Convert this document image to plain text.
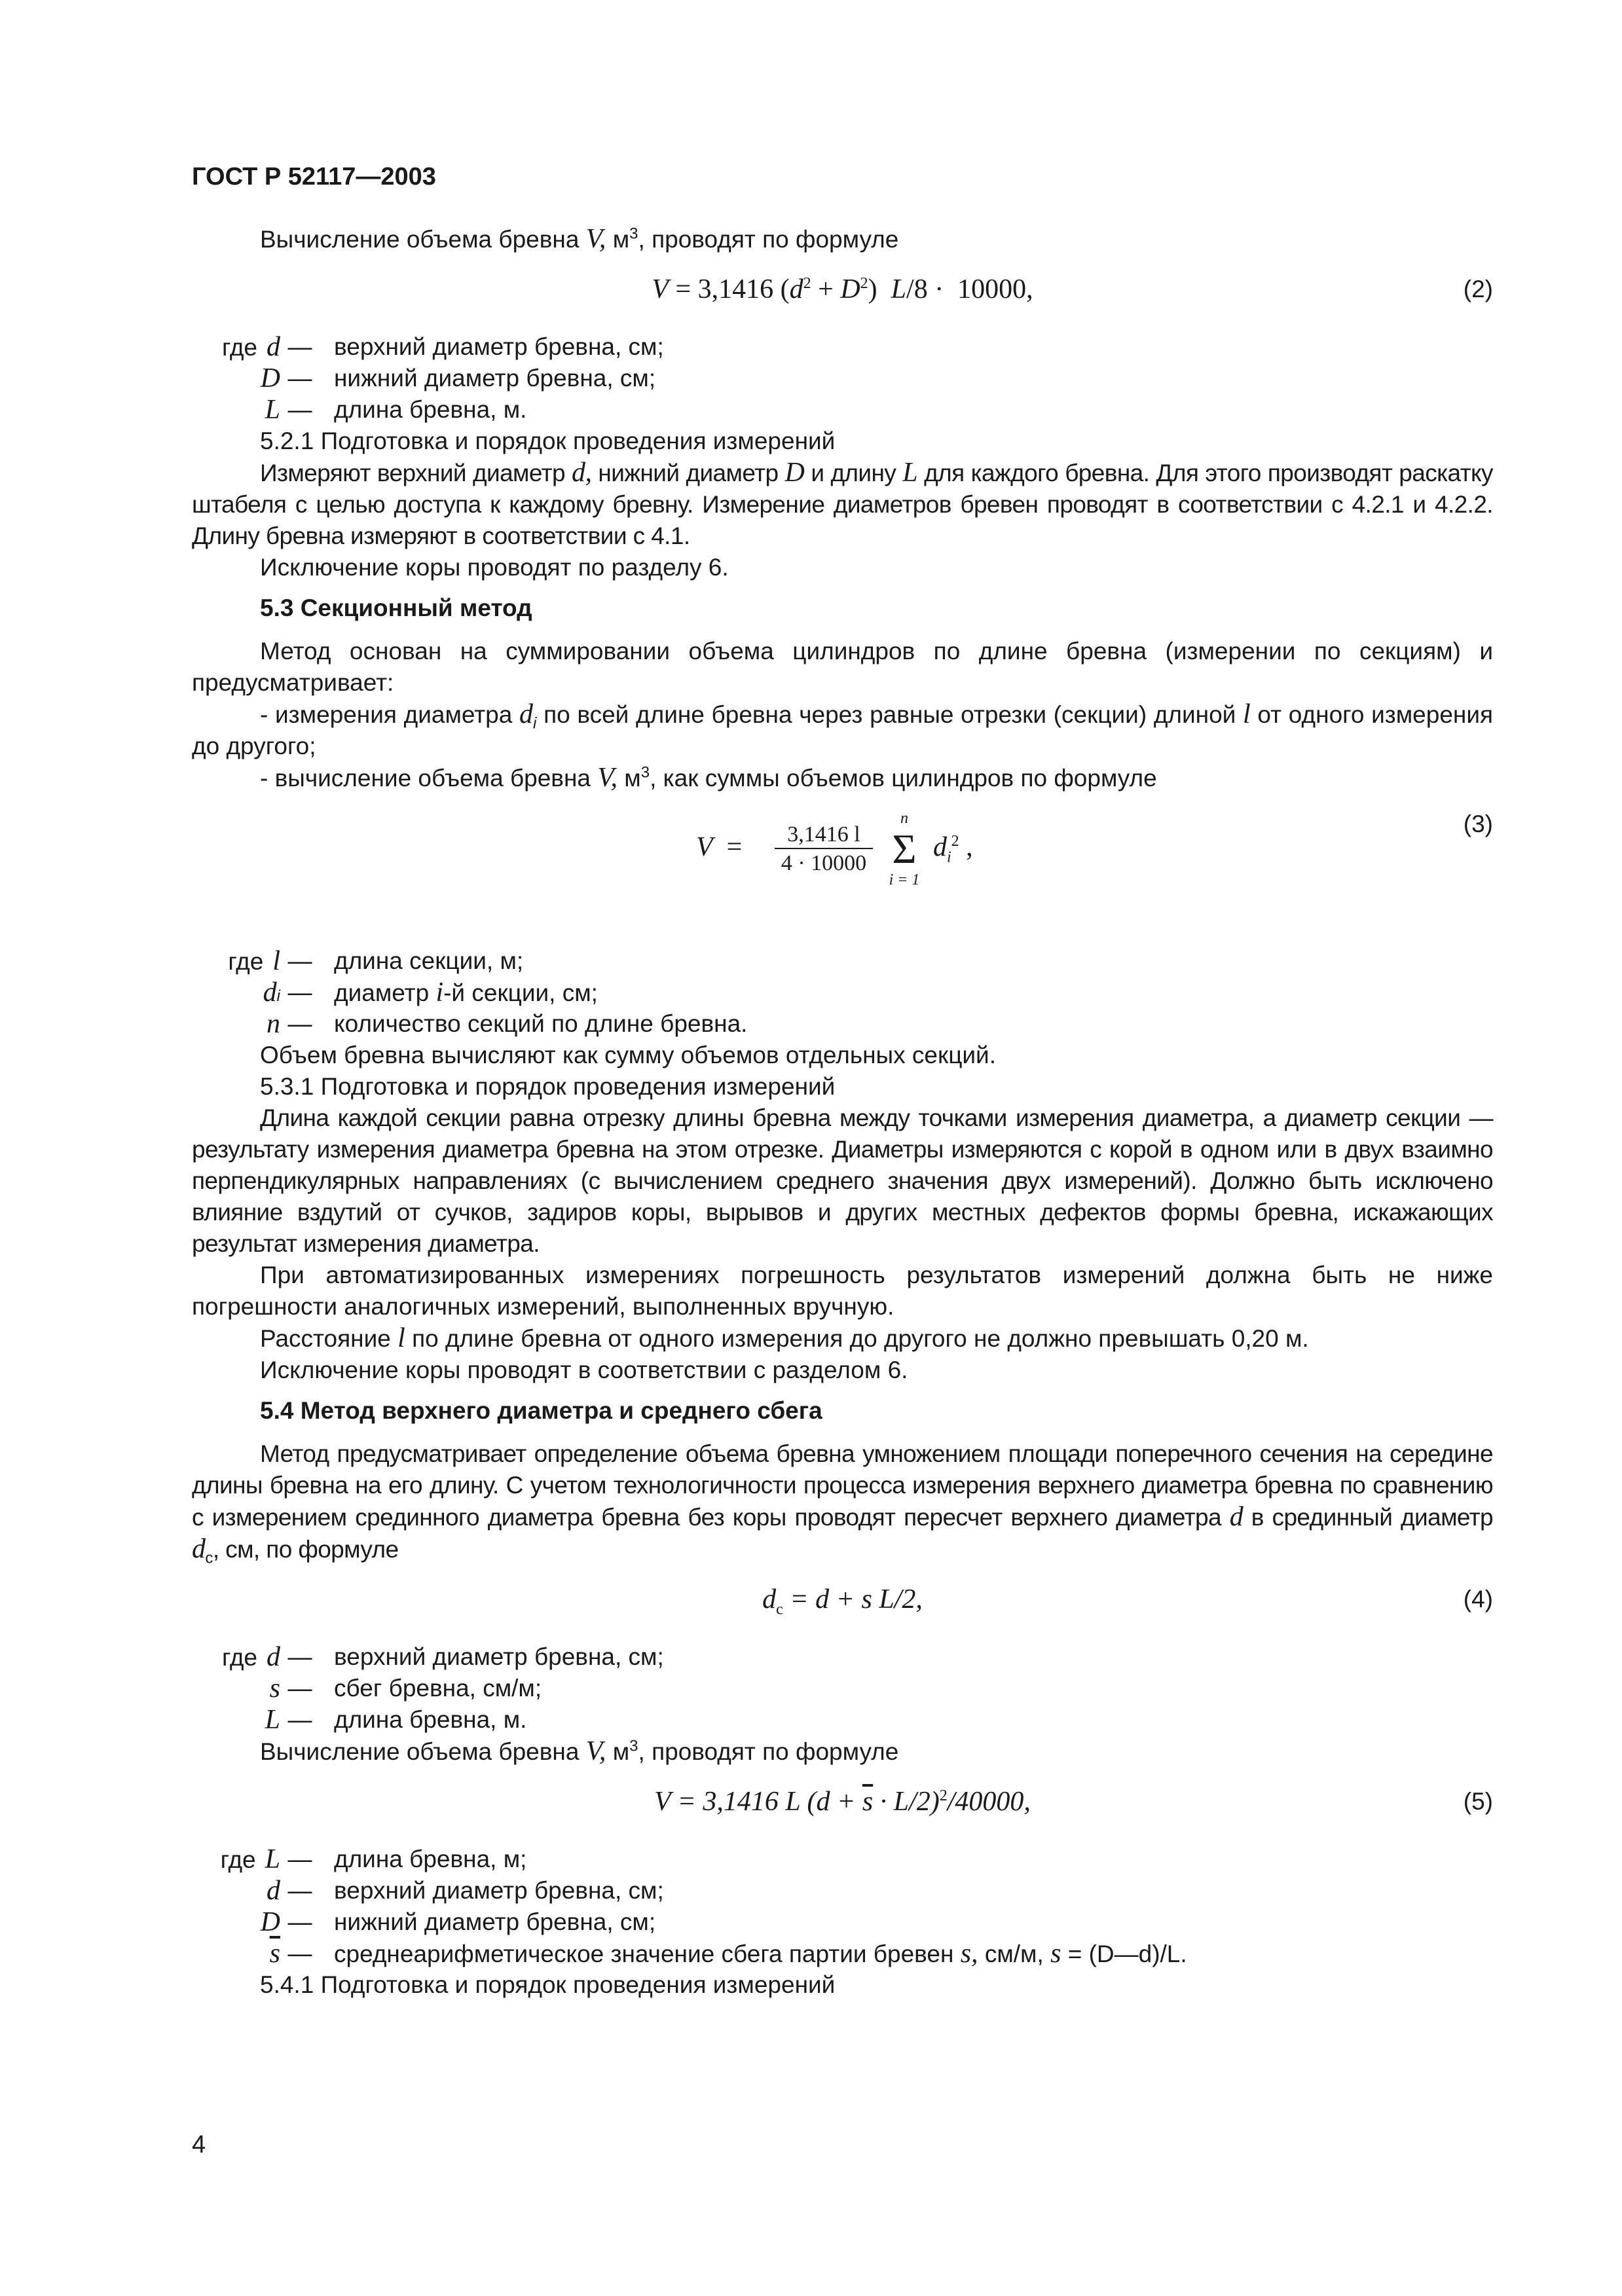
ГОСТ Р 52117—2003

Вычисление объема бревна V, $м^3$, проводят по формуле

V = 3,1416 $(d^2 + D^2) L/8 \cdot 10000$,	(2)
где d — верхний диаметр бревна, см;
D — нижний диаметр бревна, см;
L — длина бревна, м.

5.2.1 Подготовка и порядок проведения измерений

Измеряют верхний диаметр d, нижний диаметр D и длину L для каждого бревна. Для этого производят раскатку штабеля с целью доступа к каждому бревну. Измерение диаметров бревен проводят в соответствии с 4.2.1 и 4.2.2. Длину бревна измеряют в соответствии с 4.1.

Исключение коры проводят по разделу 6.

5.3 Секционный метод

Метод основан на суммировании объема цилиндров по длине бревна (измерении по секциям) и предусматривает:

- измерения диаметра $d_i$ по всей длине бревна через равные отрезки (секции) длиной l от одного измерения до другого;

- вычисление объема бревна V, $м^3$, как суммы объемов цилиндров по формуле

(3)
$V = \frac{3,1416 l}{4 \cdot 10000}$
n
Σ
i = 1
$d_i^2$ ,
где l — длина секции, м;
d i — диаметр i-й секции, см;
n — количество секций по длине бревна.

Объем бревна вычисляют как сумму объемов отдельных секций.

5.3.1 Подготовка и порядок проведения измерений

Длина каждой секции равна отрезку длины бревна между точками измерения диаметра, а диаметр секции — результату измерения диаметра бревна на этом отрезке. Диаметры измеряются с корой в одном или в двух взаимно перпендикулярных направлениях (с вычислением среднего значения двух измерений). Должно быть исключено влияние вздутий от сучков, задиров коры, вырывов и других местных дефектов формы бревна, искажающих результат измерения диаметра.

При автоматизированных измерениях погрешность результатов измерений должна быть не ниже погрешности аналогичных измерений, выполненных вручную.

Расстояние l по длине бревна от одного измерения до другого не должно превышать 0,20 м.

Исключение коры проводят в соответствии с разделом 6.

5.4 Метод верхнего диаметра и среднего сбега

Метод предусматривает определение объема бревна умножением площади поперечного сечения на середине длины бревна на его длину. С учетом технологичности процесса измерения верхнего диаметра бревна по сравнению с измерением срединного диаметра бревна без коры проводят пересчет верхнего диаметра d в срединный диаметр $d_с$, см, по формуле

$d_с = d + s$ L/2,	(4)
где d — верхний диаметр бревна, см;
s — сбег бревна, см/м;
L — длина бревна, м.

Вычисление объема бревна V, $м^3$, проводят по формуле

V = 3,1416 L $(d + \overline{s} \cdot L/2)^2/40000$,	(5)
где L — длина бревна, м;
d — верхний диаметр бревна, см;
D — нижний диаметр бревна, см;
$\overline{s}$ — среднеарифметическое значение сбега партии бревен s, см/м, s = (D—d)/L.

5.4.1 Подготовка и порядок проведения измерений

4
